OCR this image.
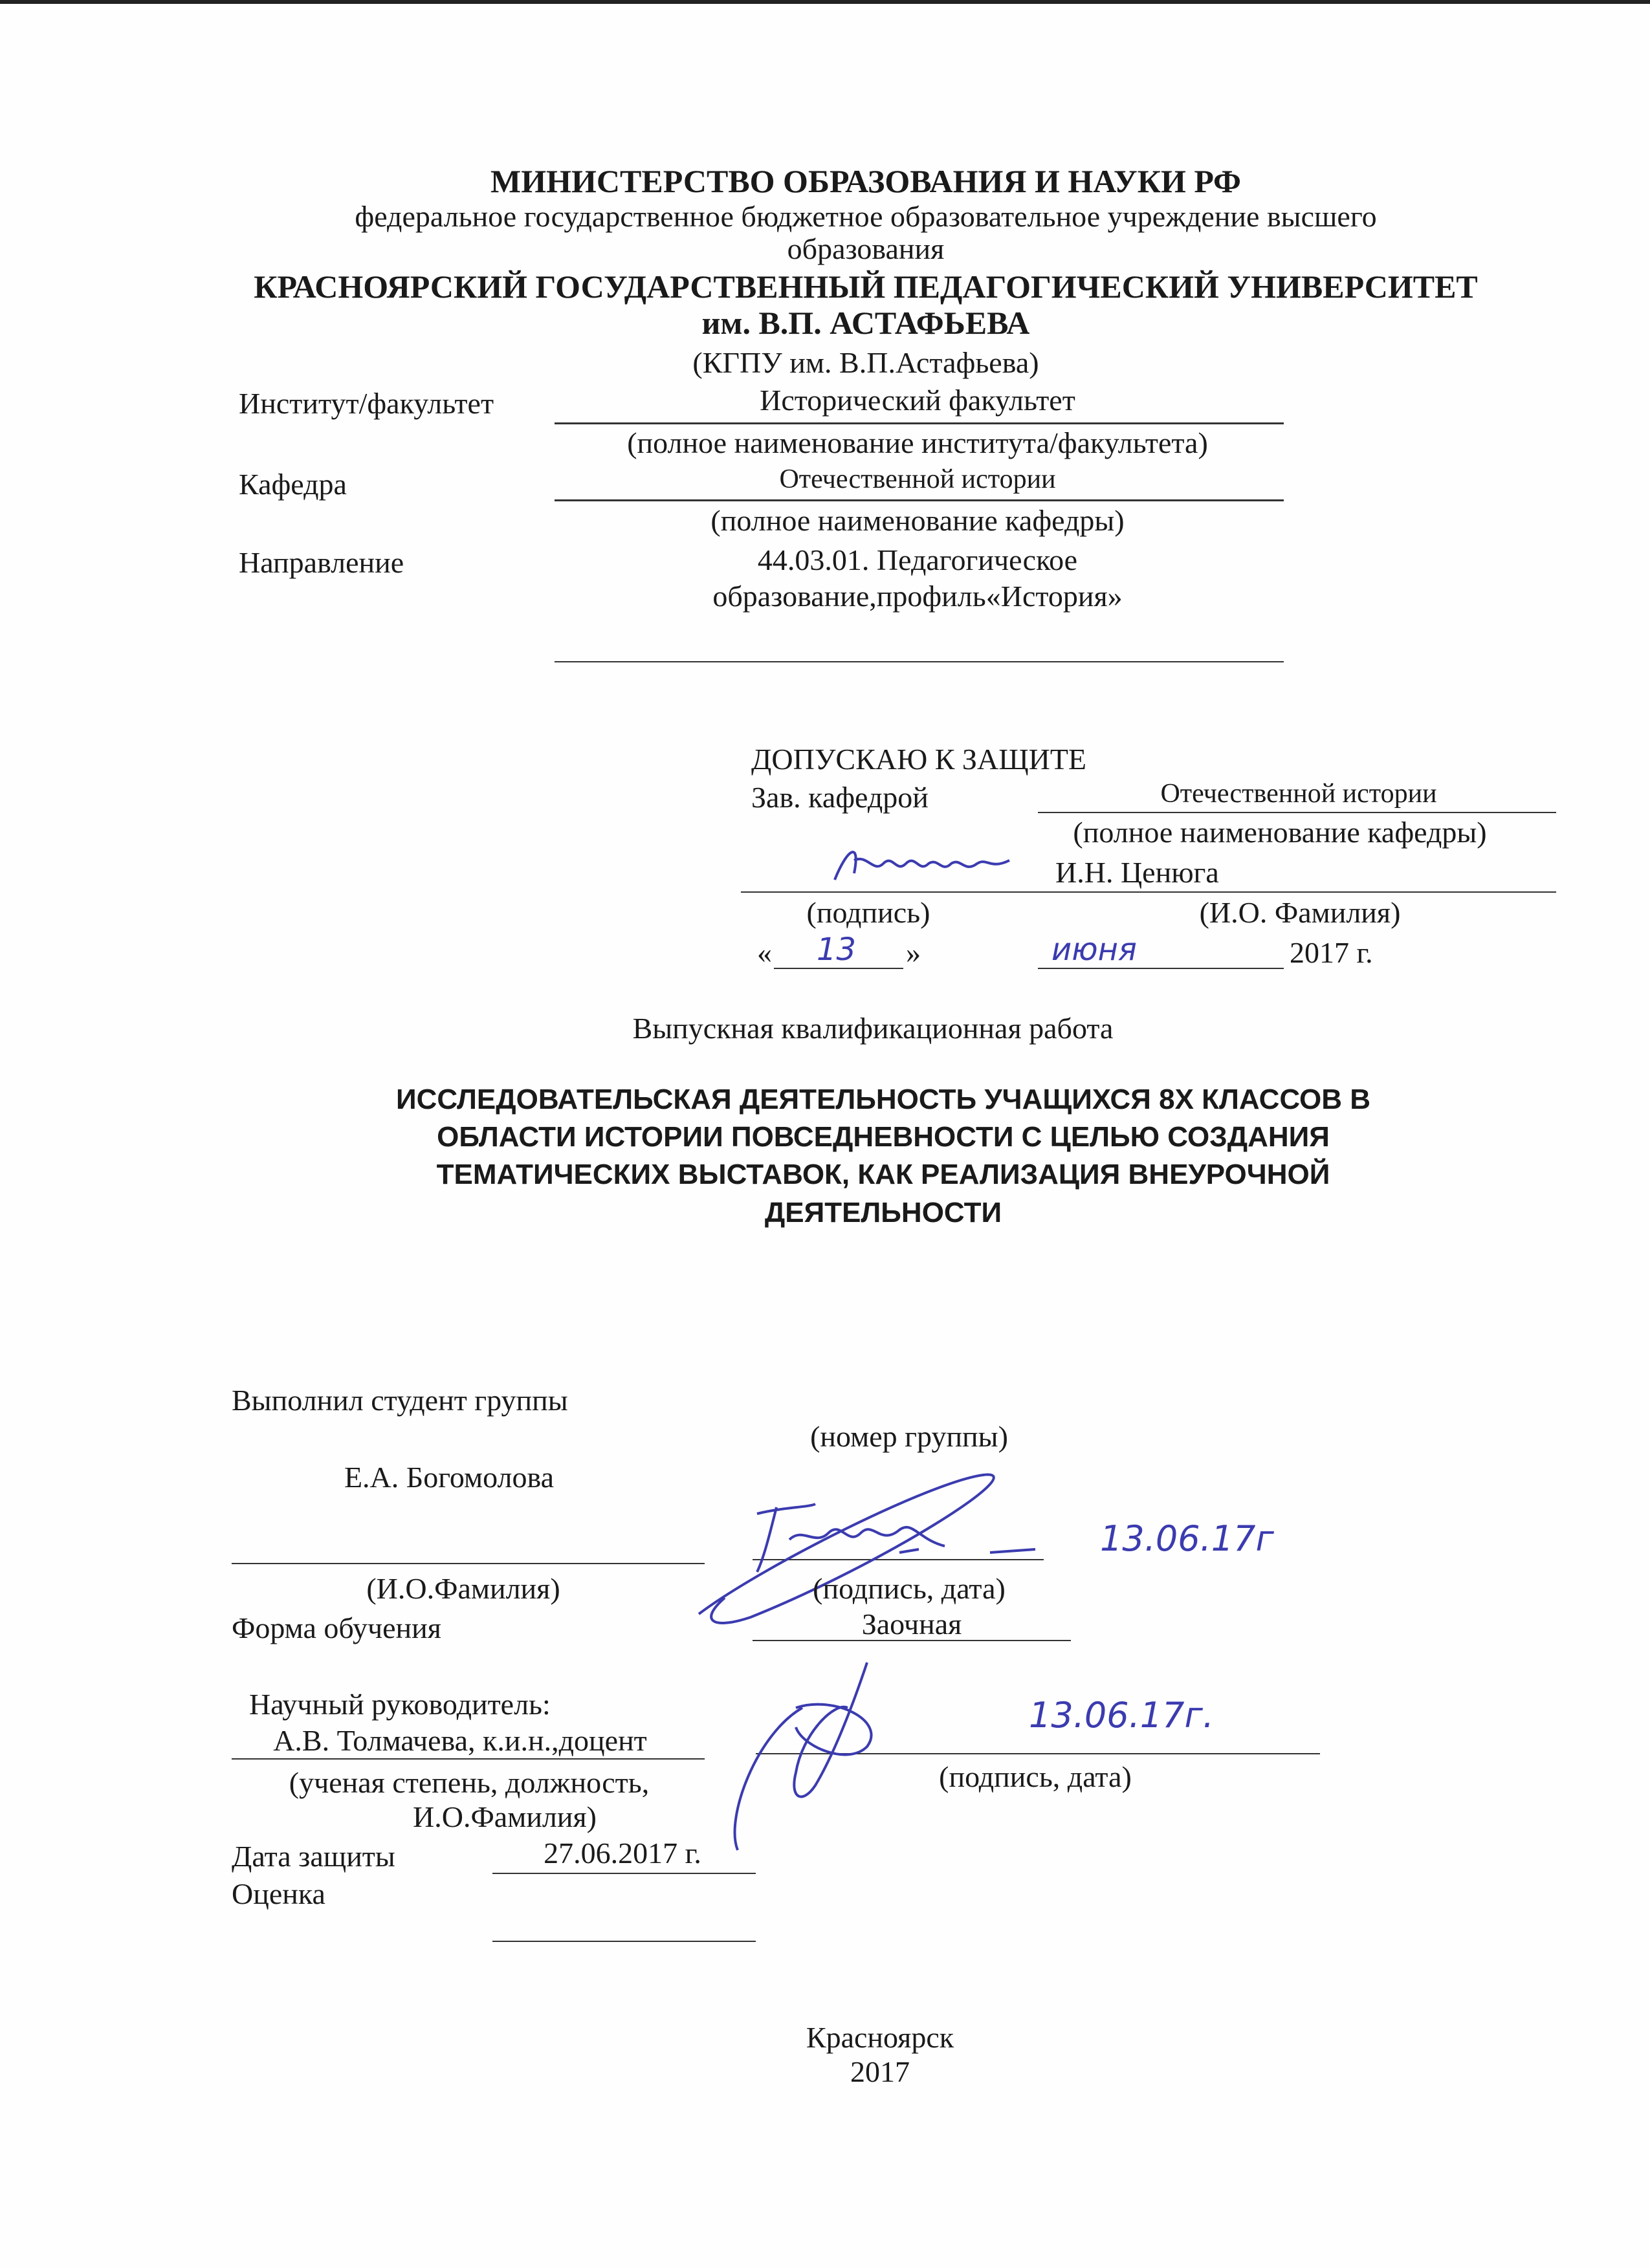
МИНИСТЕРСТВО ОБРАЗОВАНИЯ И НАУКИ РФ
федеральное государственное бюджетное образовательное учреждение высшего
образования
КРАСНОЯРСКИЙ ГОСУДАРСТВЕННЫЙ ПЕДАГОГИЧЕСКИЙ УНИВЕРСИТЕТ
им. В.П. АСТАФЬЕВА
(КГПУ им. В.П.Астафьева)
Институт/факультет	Исторический факультет
(полное наименование института/факультета)
Кафедра	Отечественной истории
(полное наименование кафедры)
Направление	44.03.01. Педагогическое
образование,профиль«История»
ДОПУСКАЮ К ЗАЩИТЕ
Зав. кафедрой	Отечественной истории
(полное наименование кафедры)
И.Н. Ценюга
(подпись)	(И.О. Фамилия)
« 13 »	июня	2017 г.
Выпускная квалификационная работа
ИССЛЕДОВАТЕЛЬСКАЯ ДЕЯТЕЛЬНОСТЬ УЧАЩИХСЯ 8Х КЛАССОВ В
ОБЛАСТИ ИСТОРИИ ПОВСЕДНЕВНОСТИ С ЦЕЛЬЮ СОЗДАНИЯ
ТЕМАТИЧЕСКИХ ВЫСТАВОК, КАК РЕАЛИЗАЦИЯ ВНЕУРОЧНОЙ
ДЕЯТЕЛЬНОСТИ
Выполнил студент группы
(номер группы)
Е.А. Богомолова
13.06.17г
(И.О.Фамилия)	(подпись, дата)
Форма обучения	Заочная
Научный руководитель:
А.В. Толмачева, к.и.н.,доцент
13.06.17г.
(ученая степень, должность,
И.О.Фамилия)
(подпись, дата)
Дата защиты	27.06.2017 г.
Оценка
Красноярск
2017
